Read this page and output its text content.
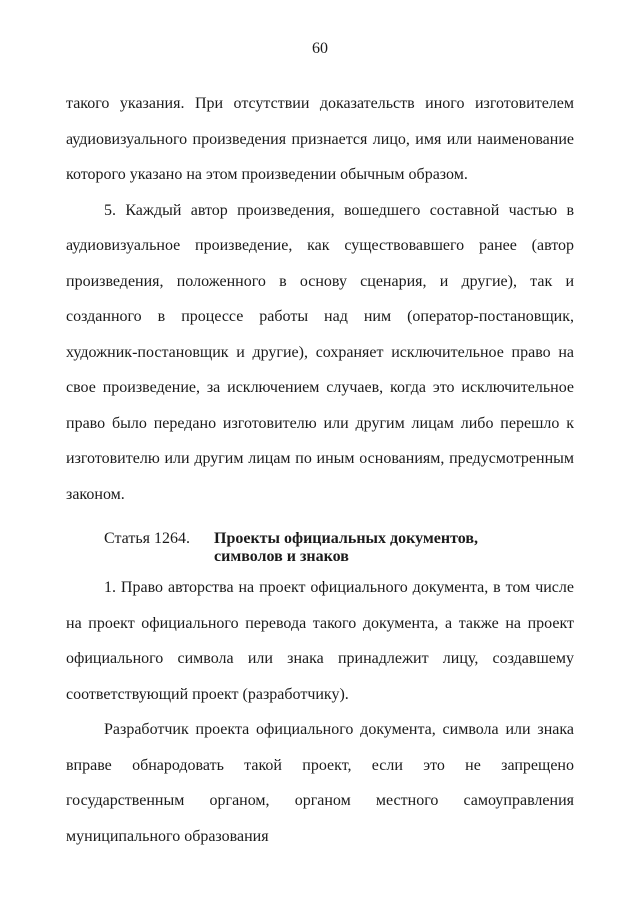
60

такого указания. При отсутствии доказательств иного изготовителем аудиовизуального произведения признается лицо, имя или наименование которого указано на этом произведении обычным образом.

5. Каждый автор произведения, вошедшего составной частью в аудиовизуальное произведение, как существовавшего ранее (автор произведения, положенного в основу сценария, и другие), так и созданного в процессе работы над ним (оператор-постановщик, художник-постановщик и другие), сохраняет исключительное право на свое произведение, за исключением случаев, когда это исключительное право было передано изготовителю или другим лицам либо перешло к изготовителю или другим лицам по иным основаниям, предусмотренным законом.

Статья 1264.	Проекты официальных документов, символов и знаков

1. Право авторства на проект официального документа, в том числе на проект официального перевода такого документа, а также на проект официального символа или знака принадлежит лицу, создавшему соответствующий проект (разработчику).

Разработчик проекта официального документа, символа или знака вправе обнародовать такой проект, если это не запрещено государственным органом, органом местного самоуправления муниципального образования
